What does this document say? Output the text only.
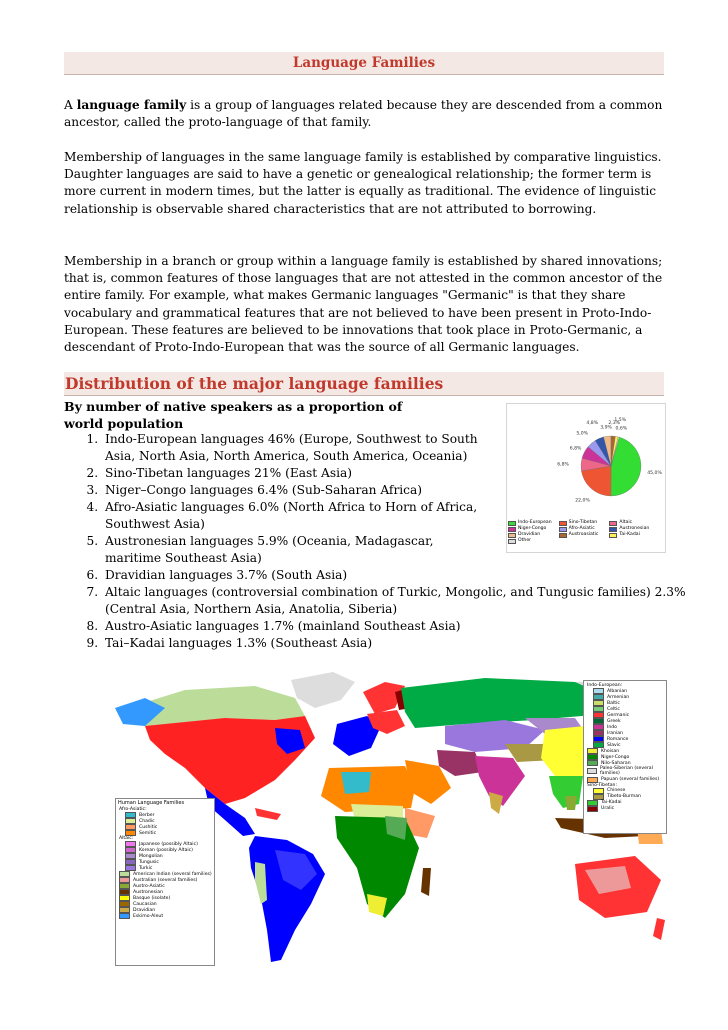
Language Families

A language family is a group of languages related because they are descended from a common ancestor, called the proto-language of that family.

Membership of languages in the same language family is established by comparative linguistics. Daughter languages are said to have a genetic or genealogical relationship; the former term is more current in modern times, but the latter is equally as traditional. The evidence of linguistic relationship is observable shared characteristics that are not attributed to borrowing.

Membership in a branch or group within a language family is established by shared innovations; that is, common features of those languages that are not attested in the common ancestor of the entire family. For example, what makes Germanic languages "Germanic" is that they share vocabulary and grammatical features that are not believed to have been present in Proto-Indo-European. These features are believed to be innovations that took place in Proto-Germanic, a descendant of Proto-Indo-European that was the source of all Germanic languages.

Distribution of the major language families

By number of native speakers as a proportion of world population

1. Indo-European languages 46% (Europe, Southwest to South Asia, North Asia, North America, South America, Oceania)
2. Sino-Tibetan languages 21% (East Asia)
3. Niger–Congo languages 6.4% (Sub-Saharan Africa)
4. Afro-Asiatic languages 6.0% (North Africa to Horn of Africa, Southwest Asia)
5. Austronesian languages 5.9% (Oceania, Madagascar, maritime Southeast Asia)
6. Dravidian languages 3.7% (South Asia)
7. Altaic languages (controversial combination of Turkic, Mongolic, and Tungusic families) 2.3% (Central Asia, Northern Asia, Anatolia, Siberia)
8. Austro-Asiatic languages 1.7% (mainland Southeast Asia)
9. Tai–Kadai languages 1.3% (Southeast Asia)
45,0%
22,0%
6,8%
6,8%
5,0%
4,8%
3,9%
2,3%
1,5%
0,6%
Indo-European	Sino-Tibetan	Altaic
Niger-Congo	Afro-Asiatic	Austronesian
Dravidian	Austroasiatic	Tai-Kadai
Other
Human Language Families
Afro-Asiatic:
Berber
Chadic
Cushitic
Semitic
Altaic:
Japanese (possibly Altaic)
Korean (possibly Altaic)
Mongolian
Tungusic
Turkic
American Indian (several families)
Australian (several families)
Austro-Asiatic
Austronesian
Basque (isolate)
Caucasian
Dravidian
Eskimo-Aleut
Indo-European:
Albanian
Armenian
Baltic
Celtic
Germanic
Greek
Indo
Iranian
Romance
Slavic
Khoisan
Niger-Congo
Nilo-Saharan
Paleo-Siberian (several families)
Papuan (several families)
Sino-Tibetan:
Chinese
Tibeto-Burman
Tai-Kadai
Uralic
